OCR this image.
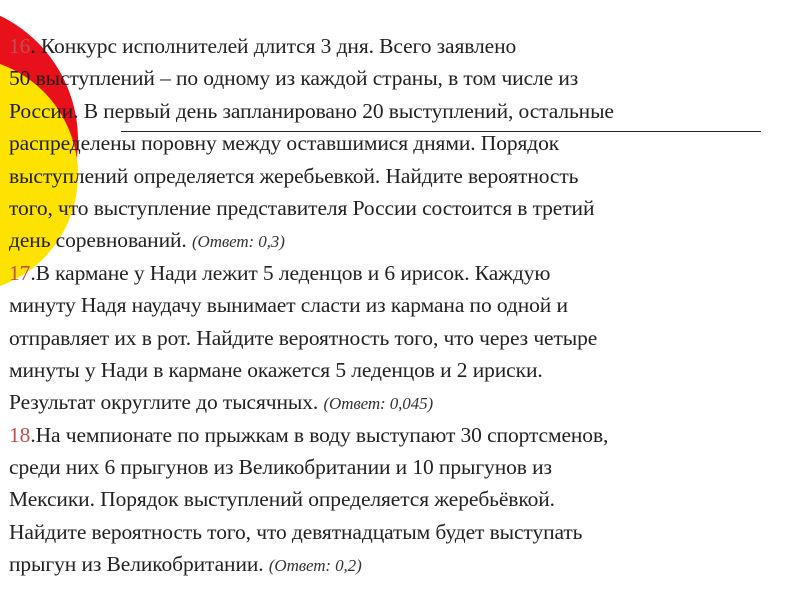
16. Конкурс исполнителей длится 3 дня. Всего заявлено
50 выступлений – по одному из каждой страны, в том числе из
России. В первый день запланировано 20 выступлений, остальные
распределены поровну между оставшимися днями. Порядок
выступлений определяется жеребьевкой. Найдите вероятность
того, что выступление представителя России состоится в третий
день соревнований. (Ответ: 0,3)
17.В кармане у Нади лежит 5 леденцов и 6 ирисок. Каждую
минуту Надя наудачу вынимает сласти из кармана по одной и
отправляет их в рот. Найдите вероятность того, что через четыре
минуты у Нади в кармане окажется 5 леденцов и 2 ириски.
Результат округлите до тысячных. (Ответ: 0,045)
18.На чемпионате по прыжкам в воду выступают 30 спортсменов,
среди них 6 прыгунов из Великобритании и 10 прыгунов из
Мексики. Порядок выступлений определяется жеребьёвкой.
Найдите вероятность того, что девятнадцатым будет выступать
прыгун из Великобритании. (Ответ: 0,2)
